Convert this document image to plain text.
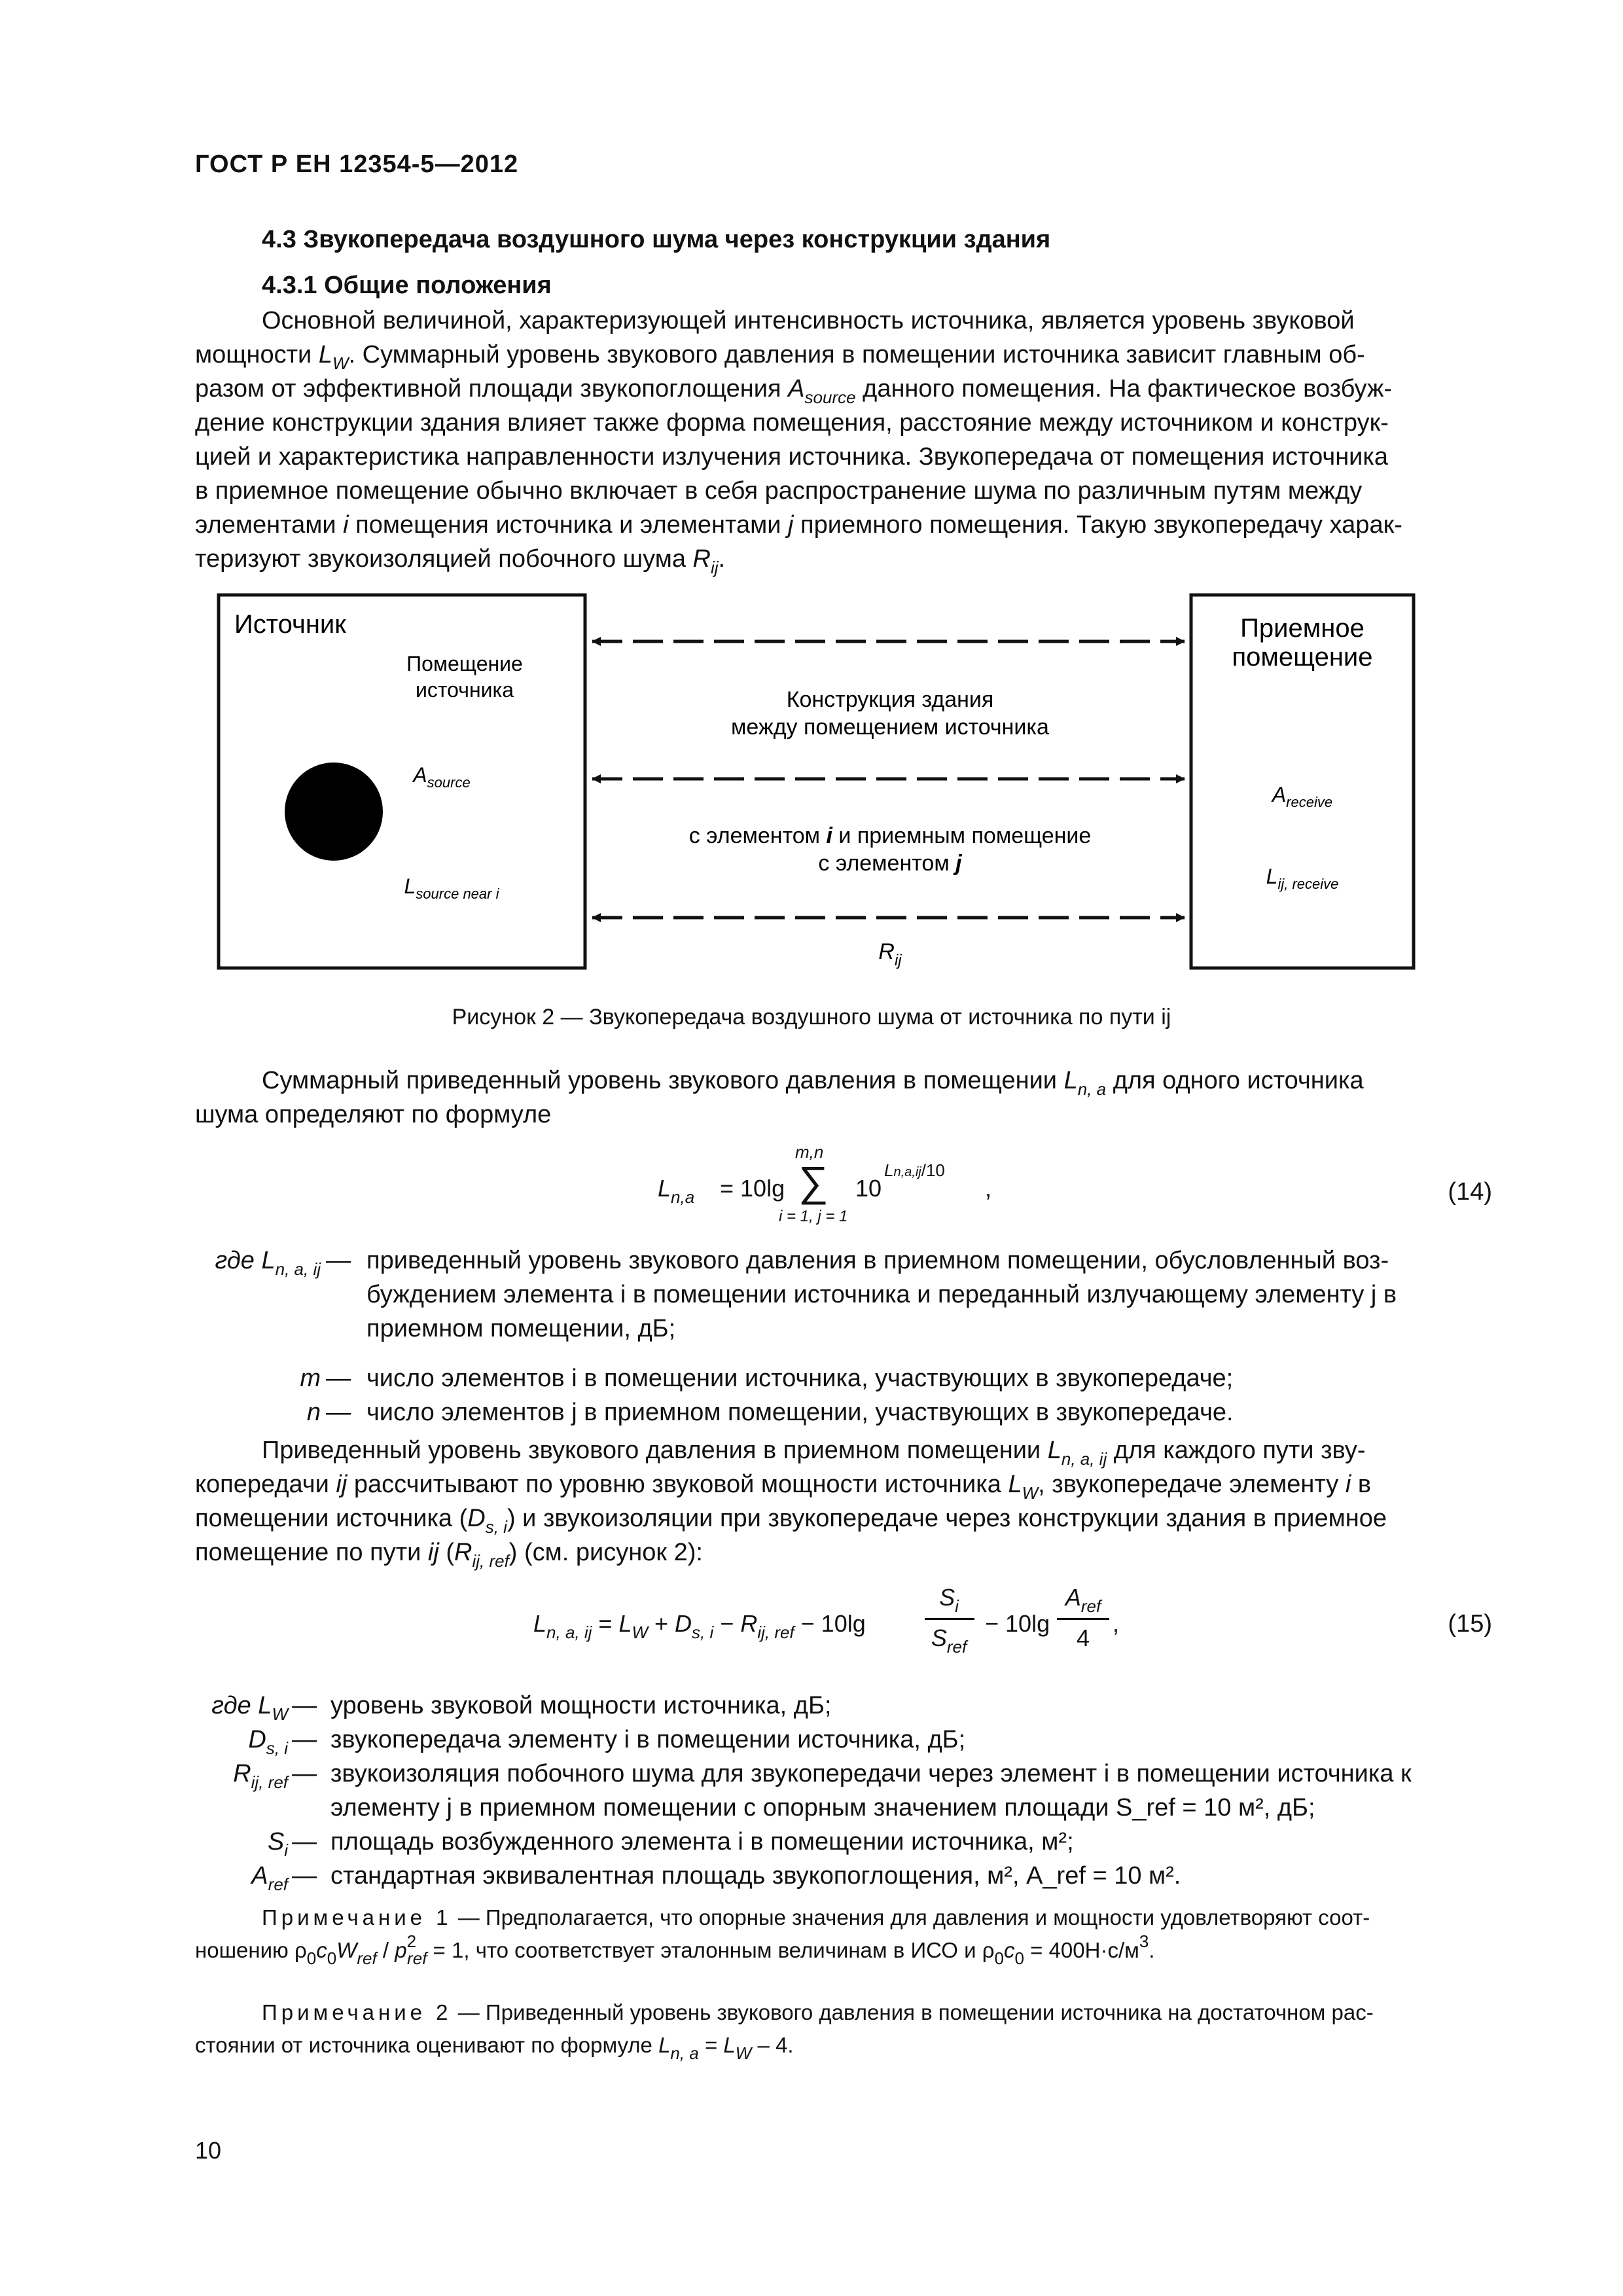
ГОСТ Р ЕН 12354-5—2012
4.3 Звукопередача воздушного шума через конструкции здания
4.3.1 Общие положения
Основной величиной, характеризующей интенсивность источника, является уровень звуковой
мощности $L_W$. Суммарный уровень звукового давления в помещении источника зависит главным об-
разом от эффективной площади звукопоглощения $A_{source}$ данного помещения. На фактическое возбуж-
дение конструкции здания влияет также форма помещения, расстояние между источником и конструк-
цией и характеристика направленности излучения источника. Звукопередача от помещения источника
в приемное помещение обычно включает в себя распространение шума по различным путям между
элементами i помещения источника и элементами j приемного помещения. Такую звукопередачу харак-
теризуют звукоизоляцией побочного шума $R_{ij}$.
Источник
Помещение
источника
$A_{source}$
$L_{source near i}$
Конструкция здания
между помещением источника
с элементом i и приемным помещение
с элементом j
$R_{ij}$
Приемное
помещение
$A_{receive}$
$L_{ij, receive}$
Рисунок 2 — Звукопередача воздушного шума от источника по пути ij
Суммарный приведенный уровень звукового давления в помещении $L_{n, a}$ для одного источника
шума определяют по формуле
$L_{n,a} = 10\lg$
m,n
∑
i = 1, j = 1
10
Ln,a,ij/10
,	(14)
где $L_{n, a, ij}$ — приведенный уровень звукового давления в приемном помещении, обусловленный воз-
буждением элемента i в помещении источника и переданный излучающему элементу j в
приемном помещении, дБ;
m — число элементов i в помещении источника, участвующих в звукопередаче;
n — число элементов j в приемном помещении, участвующих в звукопередаче.
Приведенный уровень звукового давления в приемном помещении $L_{n, a, ij}$ для каждого пути зву-
копередачи ij рассчитывают по уровню звуковой мощности источника $L_W$, звукопередаче элементу i в
помещении источника $(D_{s, i})$ и звукоизоляции при звукопередаче через конструкции здания в приемное
помещение по пути ij $(R_{ij, ref})$ (см. рисунок 2):
$L_{n, a, ij} = L_W + D_{s, i} - R_{ij, ref} - 10\lg$
$S_i$
$S_{ref}$
− 10lg
$A_{ref}$
4
,	(15)
где $L_W$ — уровень звуковой мощности источника, дБ;
$D_{s, i}$ — звукопередача элементу i в помещении источника, дБ;
$R_{ij, ref}$ — звукоизоляция побочного шума для звукопередачи через элемент i в помещении источника к
элементу j в приемном помещении с опорным значением площади S_ref = 10 м², дБ;
$S_i$ — площадь возбужденного элемента i в помещении источника, м²;
$A_{ref}$ — стандартная эквивалентная площадь звукопоглощения, м², A_ref = 10 м².
Примечание 1 — Предполагается, что опорные значения для давления и мощности удовлетворяют соот-
ношению $\rho_0c_0W_{ref} / p^2_{ref} = 1$, что соответствует эталонным величинам в ИСО и $\rho_0c_0 = 400Н\cdot с/м^3$.
Примечание 2 — Приведенный уровень звукового давления в помещении источника на достаточном рас-
стоянии от источника оценивают по формуле $L_{n, a} = L_W - 4$.
10
